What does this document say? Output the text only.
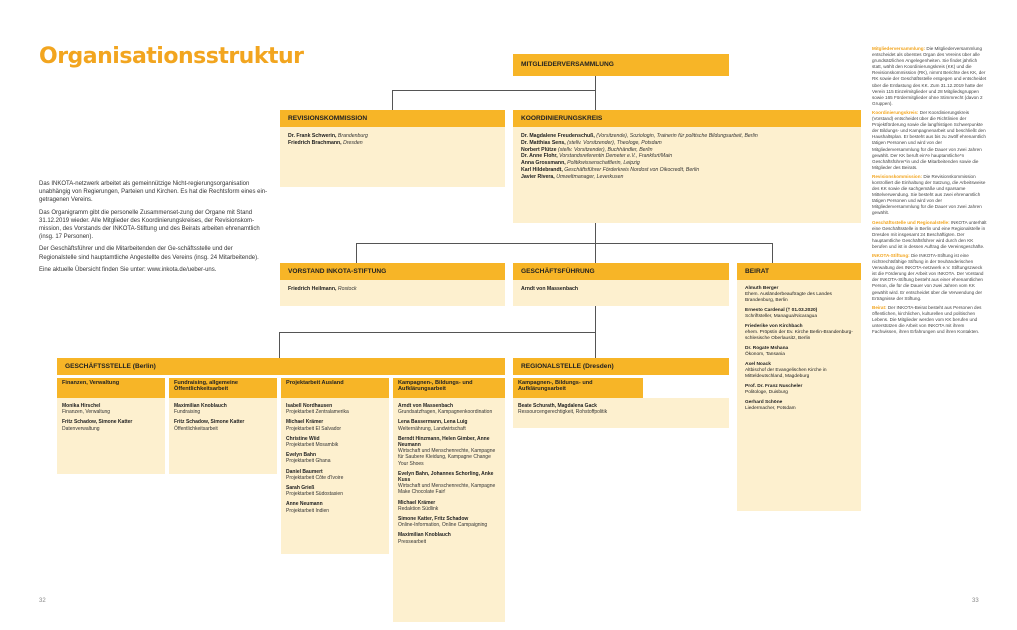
Organisationsstruktur

Das INKOTA-netzwerk arbeitet als gemeinnützige Nicht-regierungsorganisation unabhängig von Regierungen, Parteien und Kirchen. Es hat die Rechtsform eines ein-getragenen Vereins.

Das Organigramm gibt die personelle Zusammenset-zung der Organe mit Stand 31.12.2019 wieder. Alle Mitglieder des Koordinierungskreises, der Revisionskom-mission, des Vorstands der INKOTA-Stiftung und des Beirats arbeiten ehrenamtlich (insg. 17 Personen).

Der Geschäftsführer und die Mitarbeitenden der Ge-schäftsstelle und der Regionalstelle sind hauptamtliche Angestellte des Vereins (insg. 24 Mitarbeitende).

Eine aktuelle Übersicht finden Sie unter: www.inkota.de/ueber-uns.

MITGLIEDERVERSAMMLUNG
REVISIONSKOMMISSION
Dr. Frank Schwerin, Brandenburg
Friedrich Brachmann, Dresden
KOORDINIERUNGSKREIS
Dr. Magdalene Freudenschuß, (Vorsitzende), Soziologin, Trainerin für politische Bildungsarbeit, Berlin
Dr. Matthias Sens, (stellv. Vorsitzender), Theologe, Potsdam
Norbert Plütze (stellv. Vorsitzender), Buchhändler, Berlin
Dr. Anne Flohr, Vorstandsreferentin Demeter e.V., Frankfurt/Main
Anna Grossmann, Politikwissenschaftlerin, Leipzig
Karl Hildebrandt, Geschäftsführer Förderkreis Nordost von Oikocredit, Berlin
Javier Rivera, Umweltmanager, Leverkusen
VORSTAND INKOTA-STIFTUNG
Friedrich Heilmann, Rostock
GESCHÄFTSFÜHRUNG
Arndt von Massenbach
BEIRAT
Almuth Berger
Ehem. Ausländerbeauftragte des Landes Brandenburg, Berlin
Ernesto Cardenal († 01.03.2020)
Schriftsteller, Managua/Nicaragua
Friederike von Kirchbach
ehem. Pröpstin der Ev. Kirche Berlin-Brandenburg-schlesische Oberlausitz, Berlin
Dr. Rogate Mshana
Ökonom, Tansania
Axel Noack
Altbischof der Evangelischen Kirche in Mitteldeutschland, Magdeburg
Prof. Dr. Franz Nuscheler
Politologe, Duisburg
Gerhard Schöne
Liedermacher, Potsdam
GESCHÄFTSSTELLE (Berlin)
Finanzen, Verwaltung
Monika Hirschel
Finanzen, Verwaltung
Fritz Schadow, Simone Katter
Datenverwaltung
Fundraising, allgemeine Öffentlichkeitsarbeit
Maximilian Knoblauch
Fundraising
Fritz Schadow, Simone Katter
Öffentlichkeitsarbeit
Projektarbeit Ausland
Isabell Nordhausen
Projektarbeit Zentralamerika
Michael Krämer
Projektarbeit El Salvador
Christine Wiid
Projektarbeit Mosambik
Evelyn Bahn
Projektarbeit Ghana
Daniel Baumert
Projektarbeit Côte d'Ivoire
Sarah Grieß
Projektarbeit Südostasien
Anne Neumann
Projektarbeit Indien
Kampagnen-, Bildungs- und Aufklärungsarbeit
Arndt von Massenbach
Grundsatzfragen, Kampagnenkoordination
Lena Bassermann, Lena Luig
Welternährung, Landwirtschaft
Berndt Hinzmann, Helen Gimber, Anne Neumann
Wirtschaft und Menschenrechte, Kampagne für Saubere Kleidung, Kampagne Change Your Shoes
Evelyn Bahn, Johannes Schorling, Anke Kuss
Wirtschaft und Menschenrechte, Kampagne Make Chocolate Fair!
Michael Krämer
Redaktion Südlink
Simone Katter, Fritz Schadow
Online-Information, Online Campaigning
Maximilian Knoblauch
Pressearbeit
REGIONALSTELLE (Dresden)
Kampagnen-, Bildungs- und Aufklärungsarbeit
Beate Schurath, Magdalena Gack
Ressourcengerechtigkeit, Rohstoffpolitik

Mitgliederversammlung: Die Mitgliederversammlung entscheidet als oberstes Organ des Vereins über alle grundsätzlichen Angelegenheiten. Sie findet jährlich statt, wählt den Koordinierungskreis (KK) und die Revisionskommission (RK), nimmt Berichte des KK, der RK sowie der Geschäftsstelle entgegen und entscheidet über die Entlastung des KK. Zum 31.12.2019 hatte der Verein 115 Einzelmitglieder und 28 Mitgliedsgruppen sowie 165 Fördermitglieder ohne Stimmrecht (davon 2 Gruppen).

Koordinierungskreis: Der Koordinierungskreis (Vorstand) entscheidet über die Richtlinien der Projektförderung sowie die langfristigen Schwerpunkte der Bildungs- und Kampagnenarbeit und beschließt den Haushaltsplan. Er besteht aus bis zu zwölf ehrenamtlich tätigen Personen und wird von der Mitgliederversammlung für die Dauer von zwei Jahren gewählt. Der KK beruft ein*e hauptamtliche*n Geschäftsführer*in und die Mitarbeitenden sowie die Mitglieder des Beirats.

Revisionskommission: Die Revisionskommission kontrolliert die Einhaltung der Satzung, die Arbeitsweise des KK sowie die sachgemäße und sparsame Mittelverwendung. Sie besteht aus zwei ehrenamtlich tätigen Personen und wird von der Mitgliederversammlung für die Dauer von zwei Jahren gewählt.

Geschäftsstelle und Regionalstelle: INKOTA unterhält eine Geschäftsstelle in Berlin und eine Regionalstelle in Dresden mit insgesamt 24 Beschäftigten. Der hauptamtliche Geschäftsführer wird durch den KK berufen und ist in dessen Auftrag die Vereinsgeschäfte.

INKOTA-Stiftung: Die INKOTA-Stiftung ist eine nichtrechtsfähige Stiftung in der treuhänderischen Verwaltung des INKOTA-netzwerk e.V. Stiftungszweck ist die Förderung der Arbeit von INKOTA. Der Vorstand der INKOTA-Stiftung besteht aus einer ehrenamtlichen Person, die für die Dauer von zwei Jahren vom KK gewählt wird. Er entscheidet über die Verwendung der Erträgnisse der Stiftung.

Beirat: Der INKOTA-Beirat besteht aus Personen des öffentlichen, kirchlichen, kulturellen und politischen Lebens. Die Mitglieder werden vom KK berufen und unterstützen die Arbeit von INKOTA mit ihrem Fachwissen, ihren Erfahrungen und ihren Kontakten.

32	33
